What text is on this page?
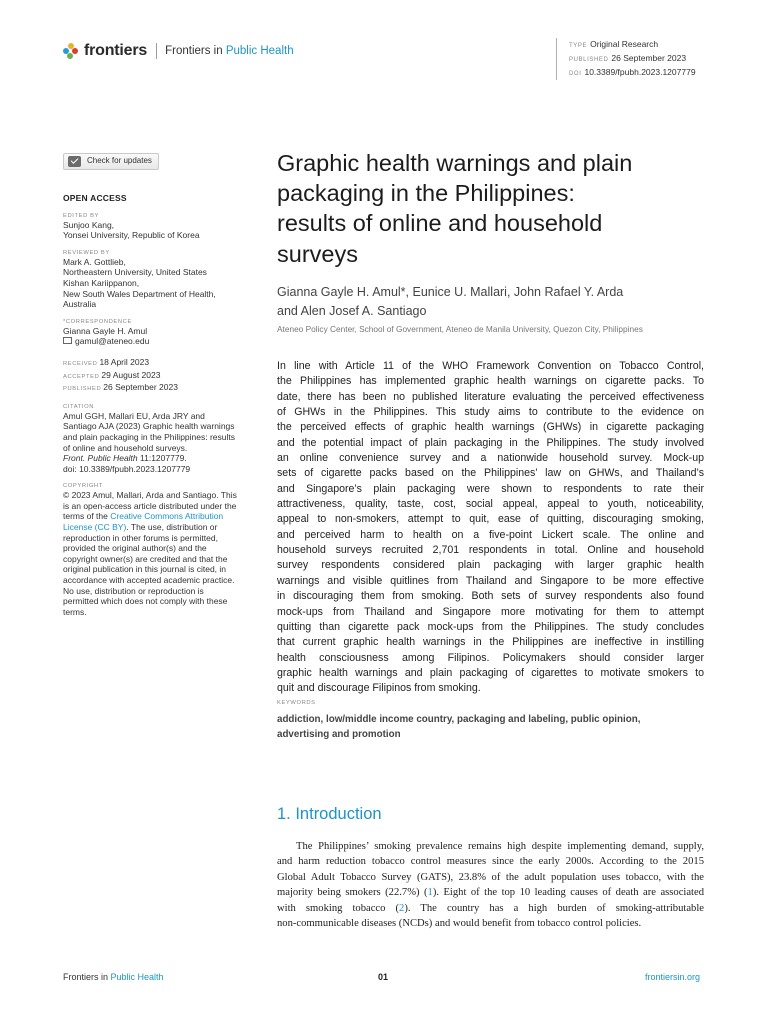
frontiers Frontiers in Public Health	TYPE Original Research
PUBLISHED 26 September 2023
DOI 10.3389/fpubh.2023.1207779
Check for updates
OPEN ACCESS
EDITED BY
Sunjoo Kang,
Yonsei University, Republic of Korea
REVIEWED BY
Mark A. Gottlieb,
Northeastern University, United States
Kishan Kariippanon,
New South Wales Department of Health,
Australia
*CORRESPONDENCE
Gianna Gayle H. Amul
gamul@ateneo.edu
RECEIVED 18 April 2023
ACCEPTED 29 August 2023
PUBLISHED 26 September 2023
CITATION
Amul GGH, Mallari EU, Arda JRY and
Santiago AJA (2023) Graphic health warnings
and plain packaging in the Philippines: results
of online and household surveys.
Front. Public Health 11:1207779.
doi: 10.3389/fpubh.2023.1207779
COPYRIGHT
© 2023 Amul, Mallari, Arda and Santiago. This
is an open-access article distributed under the
terms of the Creative Commons Attribution
License (CC BY). The use, distribution or
reproduction in other forums is permitted,
provided the original author(s) and the
copyright owner(s) are credited and that the
original publication in this journal is cited, in
accordance with accepted academic practice.
No use, distribution or reproduction is
permitted which does not comply with these
terms.
Graphic health warnings and plain
packaging in the Philippines:
results of online and household
surveys
Gianna Gayle H. Amul*, Eunice U. Mallari, John Rafael Y. Arda
and Alen Josef A. Santiago
Ateneo Policy Center, School of Government, Ateneo de Manila University, Quezon City, Philippines
In line with Article 11 of the WHO Framework Convention on Tobacco Control,
the Philippines has implemented graphic health warnings on cigarette packs. To
date, there has been no published literature evaluating the perceived effectiveness
of GHWs in the Philippines. This study aims to contribute to the evidence on
the perceived effects of graphic health warnings (GHWs) in cigarette packaging
and the potential impact of plain packaging in the Philippines. The study involved
an online convenience survey and a nationwide household survey. Mock-up
sets of cigarette packs based on the Philippines’ law on GHWs, and Thailand’s
and Singapore’s plain packaging were shown to respondents to rate their
attractiveness, quality, taste, cost, social appeal, appeal to youth, noticeability,
appeal to non-smokers, attempt to quit, ease of quitting, discouraging smoking,
and perceived harm to health on a five-point Lickert scale. The online and
household surveys recruited 2,701 respondents in total. Online and household
survey respondents considered plain packaging with larger graphic health
warnings and visible quitlines from Thailand and Singapore to be more effective
in discouraging them from smoking. Both sets of survey respondents also found
mock-ups from Thailand and Singapore more motivating for them to attempt
quitting than cigarette pack mock-ups from the Philippines. The study concludes
that current graphic health warnings in the Philippines are ineffective in instilling
health consciousness among Filipinos. Policymakers should consider larger
graphic health warnings and plain packaging of cigarettes to motivate smokers to
quit and discourage Filipinos from smoking.
KEYWORDS
addiction, low/middle income country, packaging and labeling, public opinion,
advertising and promotion
1. Introduction
The Philippines’ smoking prevalence remains high despite implementing demand, supply,
and harm reduction tobacco control measures since the early 2000s. According to the 2015
Global Adult Tobacco Survey (GATS), 23.8% of the adult population uses tobacco, with the
majority being smokers (22.7%) (1). Eight of the top 10 leading causes of death are associated
with smoking tobacco (2). The country has a high burden of smoking-attributable
non-communicable diseases (NCDs) and would benefit from tobacco control policies.
Frontiers in Public Health	01	frontiersin.org
